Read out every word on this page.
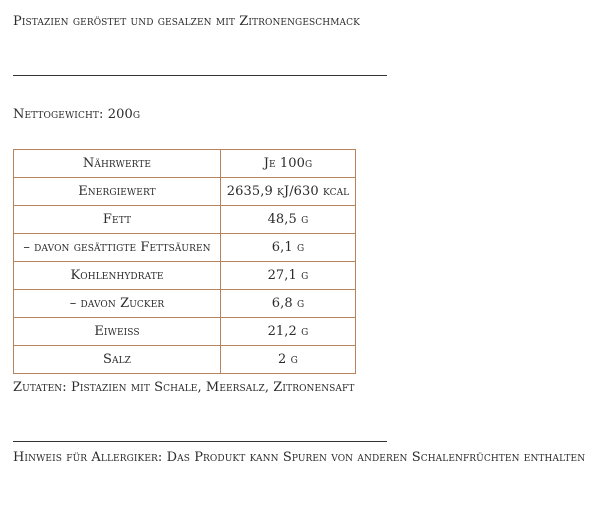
Pistazien geröstet und gesalzen mit Zitronengeschmack
Nettogewicht: 200g
Nährwerte	Je 100g
Energiewert	2635,9 kJ/630 kcal
Fett	48,5 g
– davon gesättigte Fettsäuren	6,1 g
Kohlenhydrate	27,1 g
– davon Zucker	6,8 g
Eiweiss	21,2 g
Salz	2 g
Zutaten: Pistazien mit Schale, Meersalz, Zitronensaft
Hinweis für Allergiker: Das Produkt kann Spuren von anderen Schalenfrüchten enthalten
